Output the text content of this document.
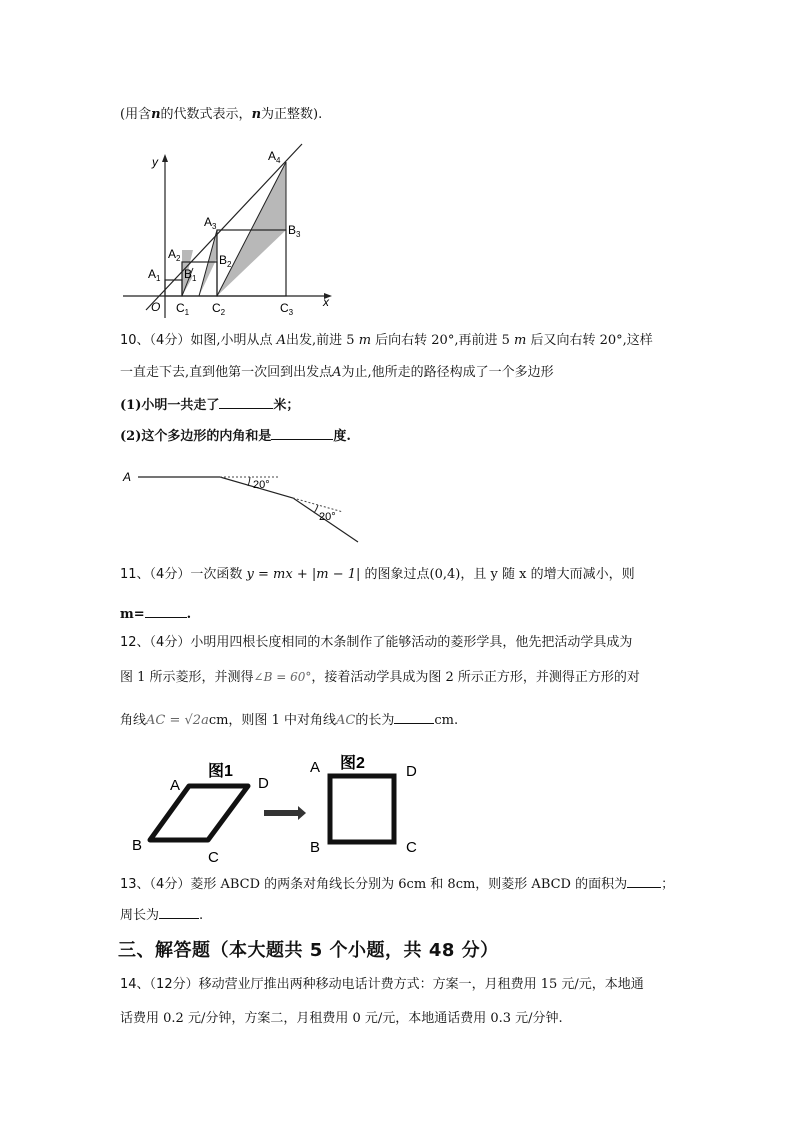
(用含n的代数式表示，n为正整数).
y
x
O
$A_1$
$A_2$
$A_3$
$A_4$
$B_1$
$B_2$
$B_3$
$C_1$ $C_2$	$C_3$
10、（4分）如图,小明从点 A出发,前进 5 m 后向右转 20°,再前进 5 m 后又向右转 20°,这样
一直走下去,直到他第一次回到出发点A为止,他所走的路径构成了一个多边形
(1)小明一共走了	米；
(2)这个多边形的内角和是	度.
A
20°
20°
11、（4分）一次函数 y = mx + |m − 1| 的图象过点(0,4)，且 y 随 x 的增大而减小，则
m=	.
12、（4分）小明用四根长度相同的木条制作了能够活动的菱形学具，他先把活动学具成为
图 1 所示菱形，并测得∠B = 60°，接着活动学具成为图 2 所示正方形，并测得正方形的对
角线AC = √2acm，则图 1 中对角线AC的长为	cm.
图1	图2
A	D
B
C
A	D
B	C
13、（4分）菱形 ABCD 的两条对角线长分别为 6cm 和 8cm，则菱形 ABCD 的面积为	；
周长为	.
三、解答题（本大题共 5 个小题，共 48 分）
14、（12分）移动营业厅推出两种移动电话计费方式：方案一，月租费用 15 元/元，本地通
话费用 0.2 元/分钟，方案二，月租费用 0 元/元，本地通话费用 0.3 元/分钟.
